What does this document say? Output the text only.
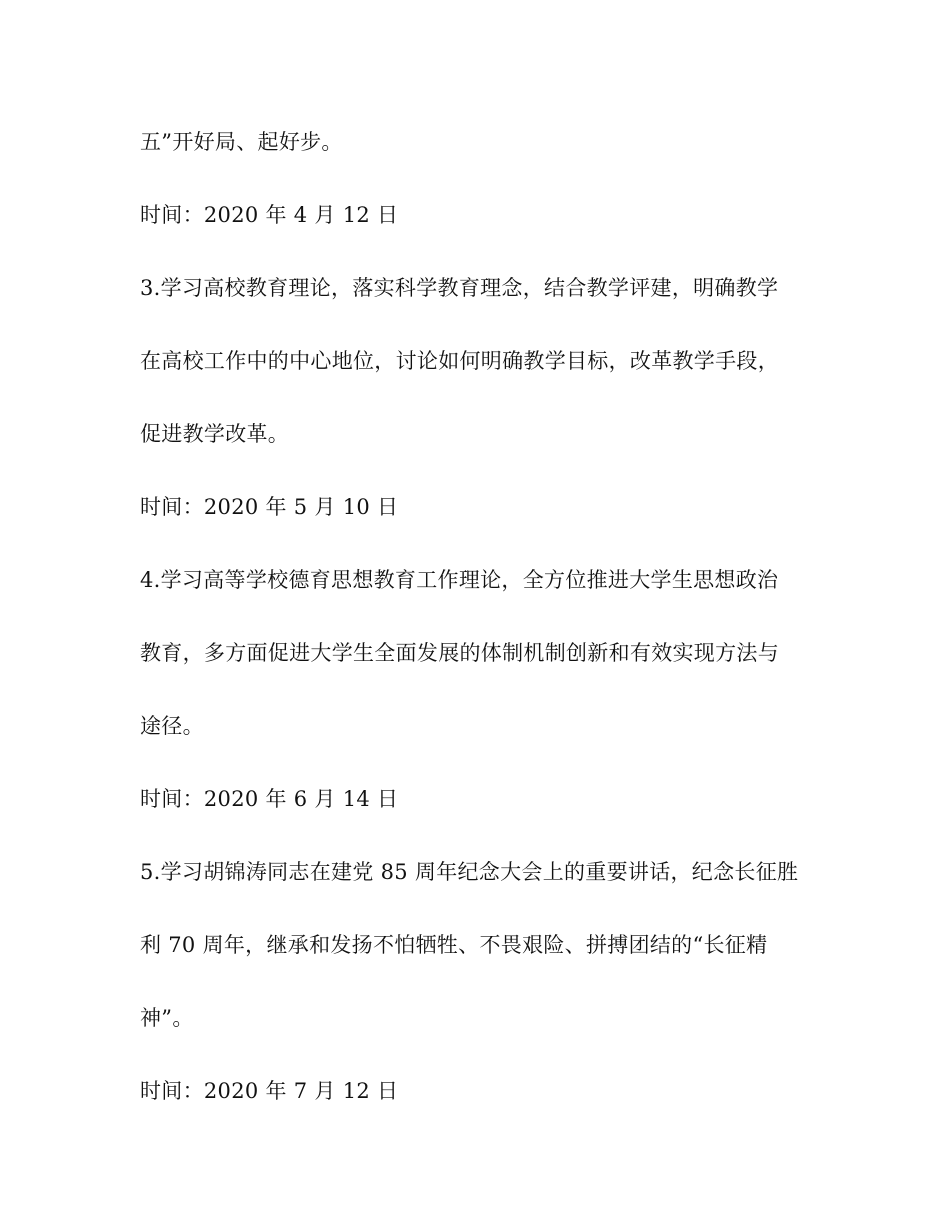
五”开好局、起好步。
时间：2020 年 4 月 12 日
3.学习高校教育理论，落实科学教育理念，结合教学评建，明确教学
在高校工作中的中心地位，讨论如何明确教学目标，改革教学手段，
促进教学改革。
时间：2020 年 5 月 10 日
4.学习高等学校德育思想教育工作理论，全方位推进大学生思想政治
教育，多方面促进大学生全面发展的体制机制创新和有效实现方法与
途径。
时间：2020 年 6 月 14 日
5.学习胡锦涛同志在建党 85 周年纪念大会上的重要讲话，纪念长征胜
利 70 周年，继承和发扬不怕牺牲、不畏艰险、拼搏团结的“长征精
神”。
时间：2020 年 7 月 12 日
